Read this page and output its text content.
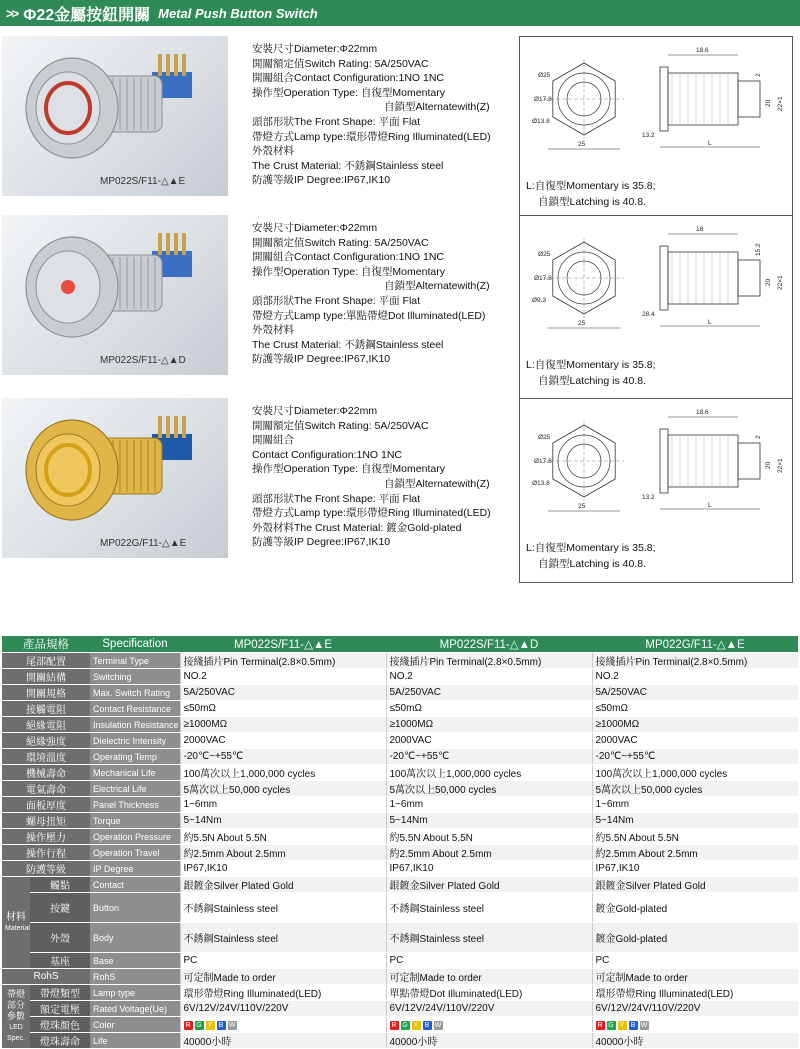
>> Φ22金屬按鈕開關 Metal Push Button Switch
MP022S/F11-△▲E
安裝尺寸Diameter:Φ22mm
開關額定值Switch Rating: 5A/250VAC
開關組合Contact Configuration:1NO 1NC
操作型Operation Type: 自復型Momentary
自鎖型Alternatewith(Z)
頭部形狀The Front Shape: 平面 Flat
帶燈方式Lamp type:環形帶燈Ring Illuminated(LED)
外殼材料
The Crust Material: 不銹鋼Stainless steel
防護等級IP Degree:IP67,IK10
Ø25
Ø17.8
Ø13.8
25
18.6
L
13.2
20 22×1
2
L:自復型Momentary is 35.8;
自鎖型Latching is 40.8.
MP022S/F11-△▲D
安裝尺寸Diameter:Φ22mm
開關額定值Switch Rating: 5A/250VAC
開關組合Contact Configuration:1NO 1NC
操作型Operation Type: 自復型Momentary
自鎖型Alternatewith(Z)
頭部形狀The Front Shape: 平面 Flat
帶燈方式Lamp type:單點帶燈Dot Illuminated(LED)
外殼材料
The Crust Material: 不銹鋼Stainless steel
防護等級IP Degree:IP67,IK10
Ø25
Ø17.8
Ø9.3
25
18
L
28.4
20 22×1
15.2
L:自復型Momentary is 35.8;
自鎖型Latching is 40.8.
MP022G/F11-△▲E
安裝尺寸Diameter:Φ22mm
開關額定值Switch Rating: 5A/250VAC
開關組合
Contact Configuration:1NO 1NC
操作型Operation Type: 自復型Momentary
自鎖型Alternatewith(Z)
頭部形狀The Front Shape: 平面 Flat
帶燈方式Lamp type:環形帶燈Ring Illuminated(LED)
外殼材料The Crust Material: 鍍金Gold-plated
防護等級IP Degree:IP67,IK10
Ø25
Ø17.8
Ø13.8
25
18.6
L
13.2
20 22×1
2
L:自復型Momentary is 35.8;
自鎖型Latching is 40.8.
產品規格		Specification	MP022S/F11-△▲E	MP022S/F11-△▲D	MP022G/F11-△▲E
尾部配置		Terminal Type	接綫插片Pin Terminal(2.8×0.5mm)	接綫插片Pin Terminal(2.8×0.5mm)	接綫插片Pin Terminal(2.8×0.5mm)
開關結構		Switching	NO.2	NO.2	NO.2
開關規格		Max. Switch Rating	5A/250VAC	5A/250VAC	5A/250VAC
接觸電阻		Contact Resistance	≤50mΩ	≤50mΩ	≤50mΩ
絕緣電阻		Insulation Resistance	≥1000MΩ	≥1000MΩ	≥1000MΩ
絕緣強度		Dielectric Intensity	2000VAC	2000VAC	2000VAC
環境溫度		Operating Temp	-20℃~+55℃	-20℃~+55℃	-20℃~+55℃
機械壽命		Mechanical Life	100萬次以上1,000,000 cycles	100萬次以上1,000,000 cycles	100萬次以上1,000,000 cycles
電氣壽命		Electrical Life	5萬次以上50,000 cycles	5萬次以上50,000 cycles	5萬次以上50,000 cycles
面板厚度		Panel Thickness	1~6mm	1~6mm	1~6mm
螺母扭矩		Torque	5~14Nm	5~14Nm	5~14Nm
操作壓力		Operation Pressure	約5.5N About 5.5N	約5.5N About 5.5N	約5.5N About 5.5N
操作行程		Operation Travel	約2.5mm About 2.5mm	約2.5mm About 2.5mm	約2.5mm About 2.5mm
防護等級		IP Degree	IP67,IK10	IP67,IK10	IP67,IK10

材料
Material	觸點	Contact	銀鍍金Silver Plated Gold	銀鍍金Silver Plated Gold	銀鍍金Silver Plated Gold
	按鍵	Button	不銹鋼Stainless steel	不銹鋼Stainless steel	鍍金Gold-plated
	外殼	Body	不銹鋼Stainless steel	不銹鋼Stainless steel	鍍金Gold-plated
	基座	Base	PC	PC	PC
RohS		RohS	可定制Made to order	可定制Made to order	可定制Made to order

帶燈部分參數
LED Spec.	帶燈類型	Lamp type	環形帶燈Ring Illuminated(LED)	單點帶燈Dot Illuminated(LED)	環形帶燈Ring Illuminated(LED)
	額定電壓	Rated Voltage(Ue)	6V/12V/24V/110V/220V	6V/12V/24V/110V/220V	6V/12V/24V/110V/220V
	燈珠顏色	Color	R G Y B W	R G Y B W	R G Y B W
	燈珠壽命	Life	40000小時	40000小時	40000小時
